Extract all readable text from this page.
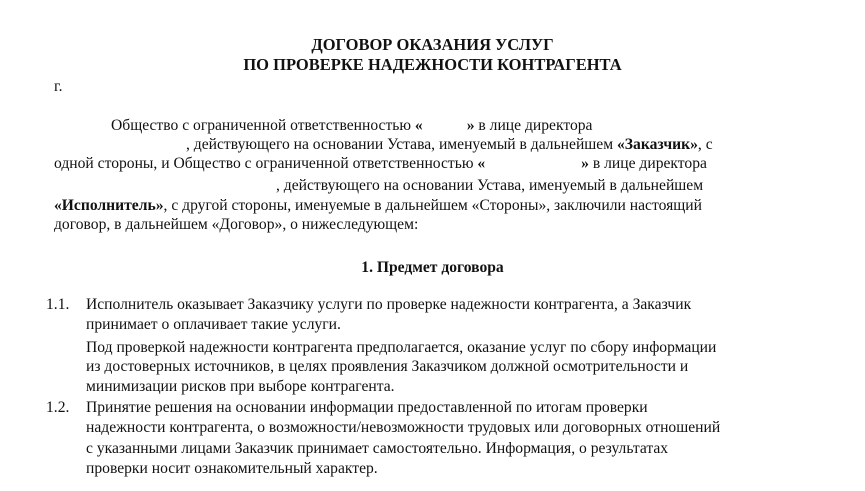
ДОГОВОР ОКАЗАНИЯ УСЛУГ
ПО ПРОВЕРКЕ НАДЕЖНОСТИ КОНТРАГЕНТА
г.
Общество с ограниченной ответственностью «	» в лице директора
, действующего на основании Устава, именуемый в дальнейшем «Заказчик», с
одной стороны, и Общество с ограниченной ответственностью «	» в лице директора
, действующего на основании Устава, именуемый в дальнейшем
«Исполнитель», с другой стороны, именуемые в дальнейшем «Стороны», заключили настоящий
договор, в дальнейшем «Договор», о нижеследующем:
1. Предмет договора
1.1. Исполнитель оказывает Заказчику услуги по проверке надежности контрагента, а Заказчик
принимает о оплачивает такие услуги.
Под проверкой надежности контрагента предполагается, оказание услуг по сбору информации
из достоверных источников, в целях проявления Заказчиком должной осмотрительности и
минимизации рисков при выборе контрагента.
1.2. Принятие решения на основании информации предоставленной по итогам проверки
надежности контрагента, о возможности/невозможности трудовых или договорных отношений
с указанными лицами Заказчик принимает самостоятельно. Информация, о результатах
проверки носит ознакомительный характер.
